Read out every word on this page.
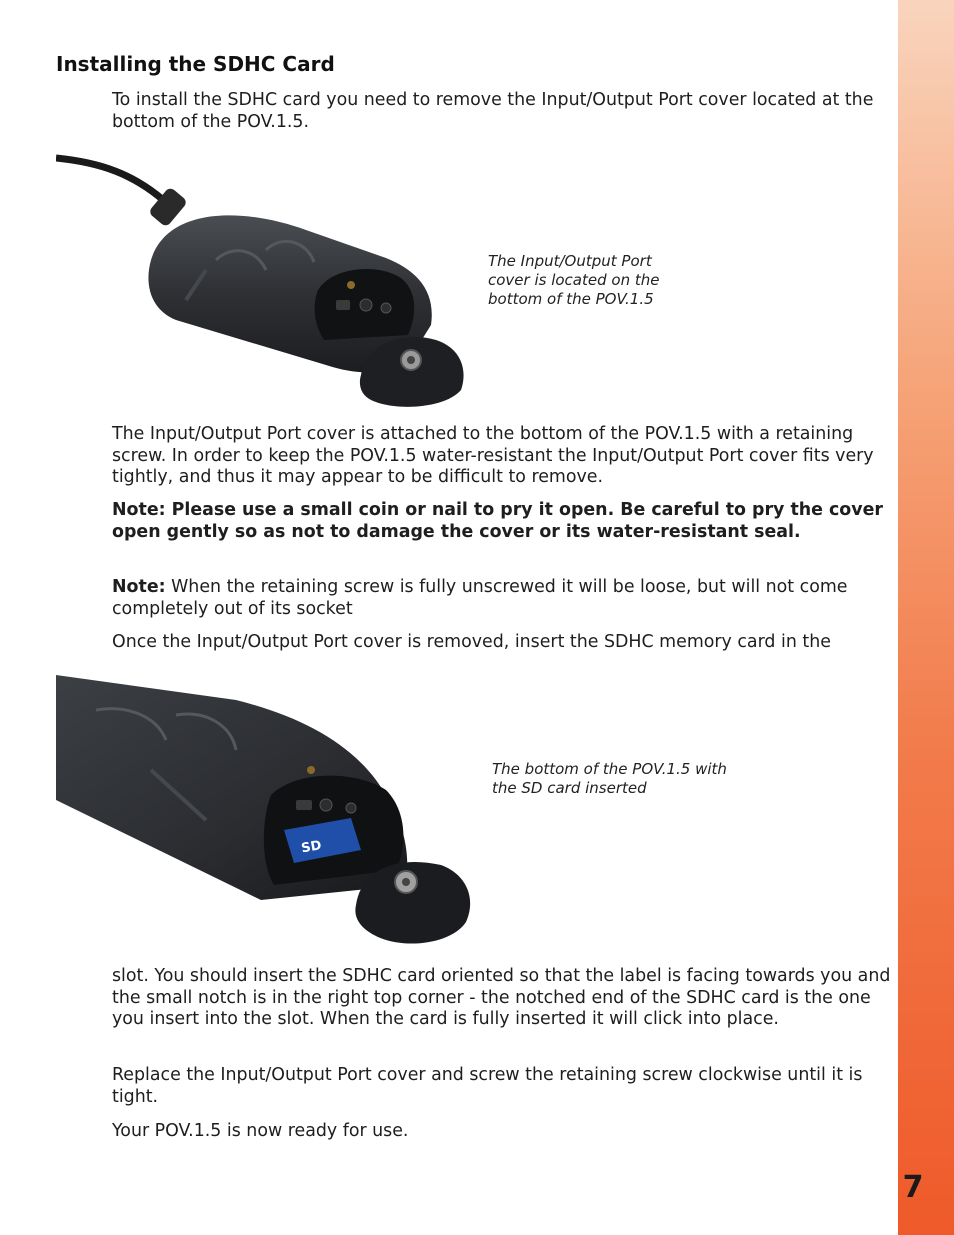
7
Installing the SDHC Card

To install the SDHC card you need to remove the Input/Output Port cover located at the bottom of the POV.1.5.

The Input/Output Port cover is located on the bottom of the POV.1.5

The Input/Output Port cover is attached to the bottom of the POV.1.5 with a retaining screw. In order to keep the POV.1.5 water-resistant the Input/Output Port cover fits very tightly, and thus it may appear to be difficult to remove.

Note: Please use a small coin or nail to pry it open. Be careful to pry the cover open gently so as not to damage the cover or its water-resistant seal.

Note: When the retaining screw is fully unscrewed it will be loose, but will not come completely out of its socket

Once the Input/Output Port cover is removed, insert the SDHC memory card in the

SD

The bottom of the POV.1.5 with the SD card inserted

slot. You should insert the SDHC card oriented so that the label is facing towards you and the small notch is in the right top corner - the notched end of the SDHC card is the one you insert into the slot. When the card is fully inserted it will click into place.

Replace the Input/Output Port cover and screw the retaining screw clockwise until it is tight.

Your POV.1.5 is now ready for use.
